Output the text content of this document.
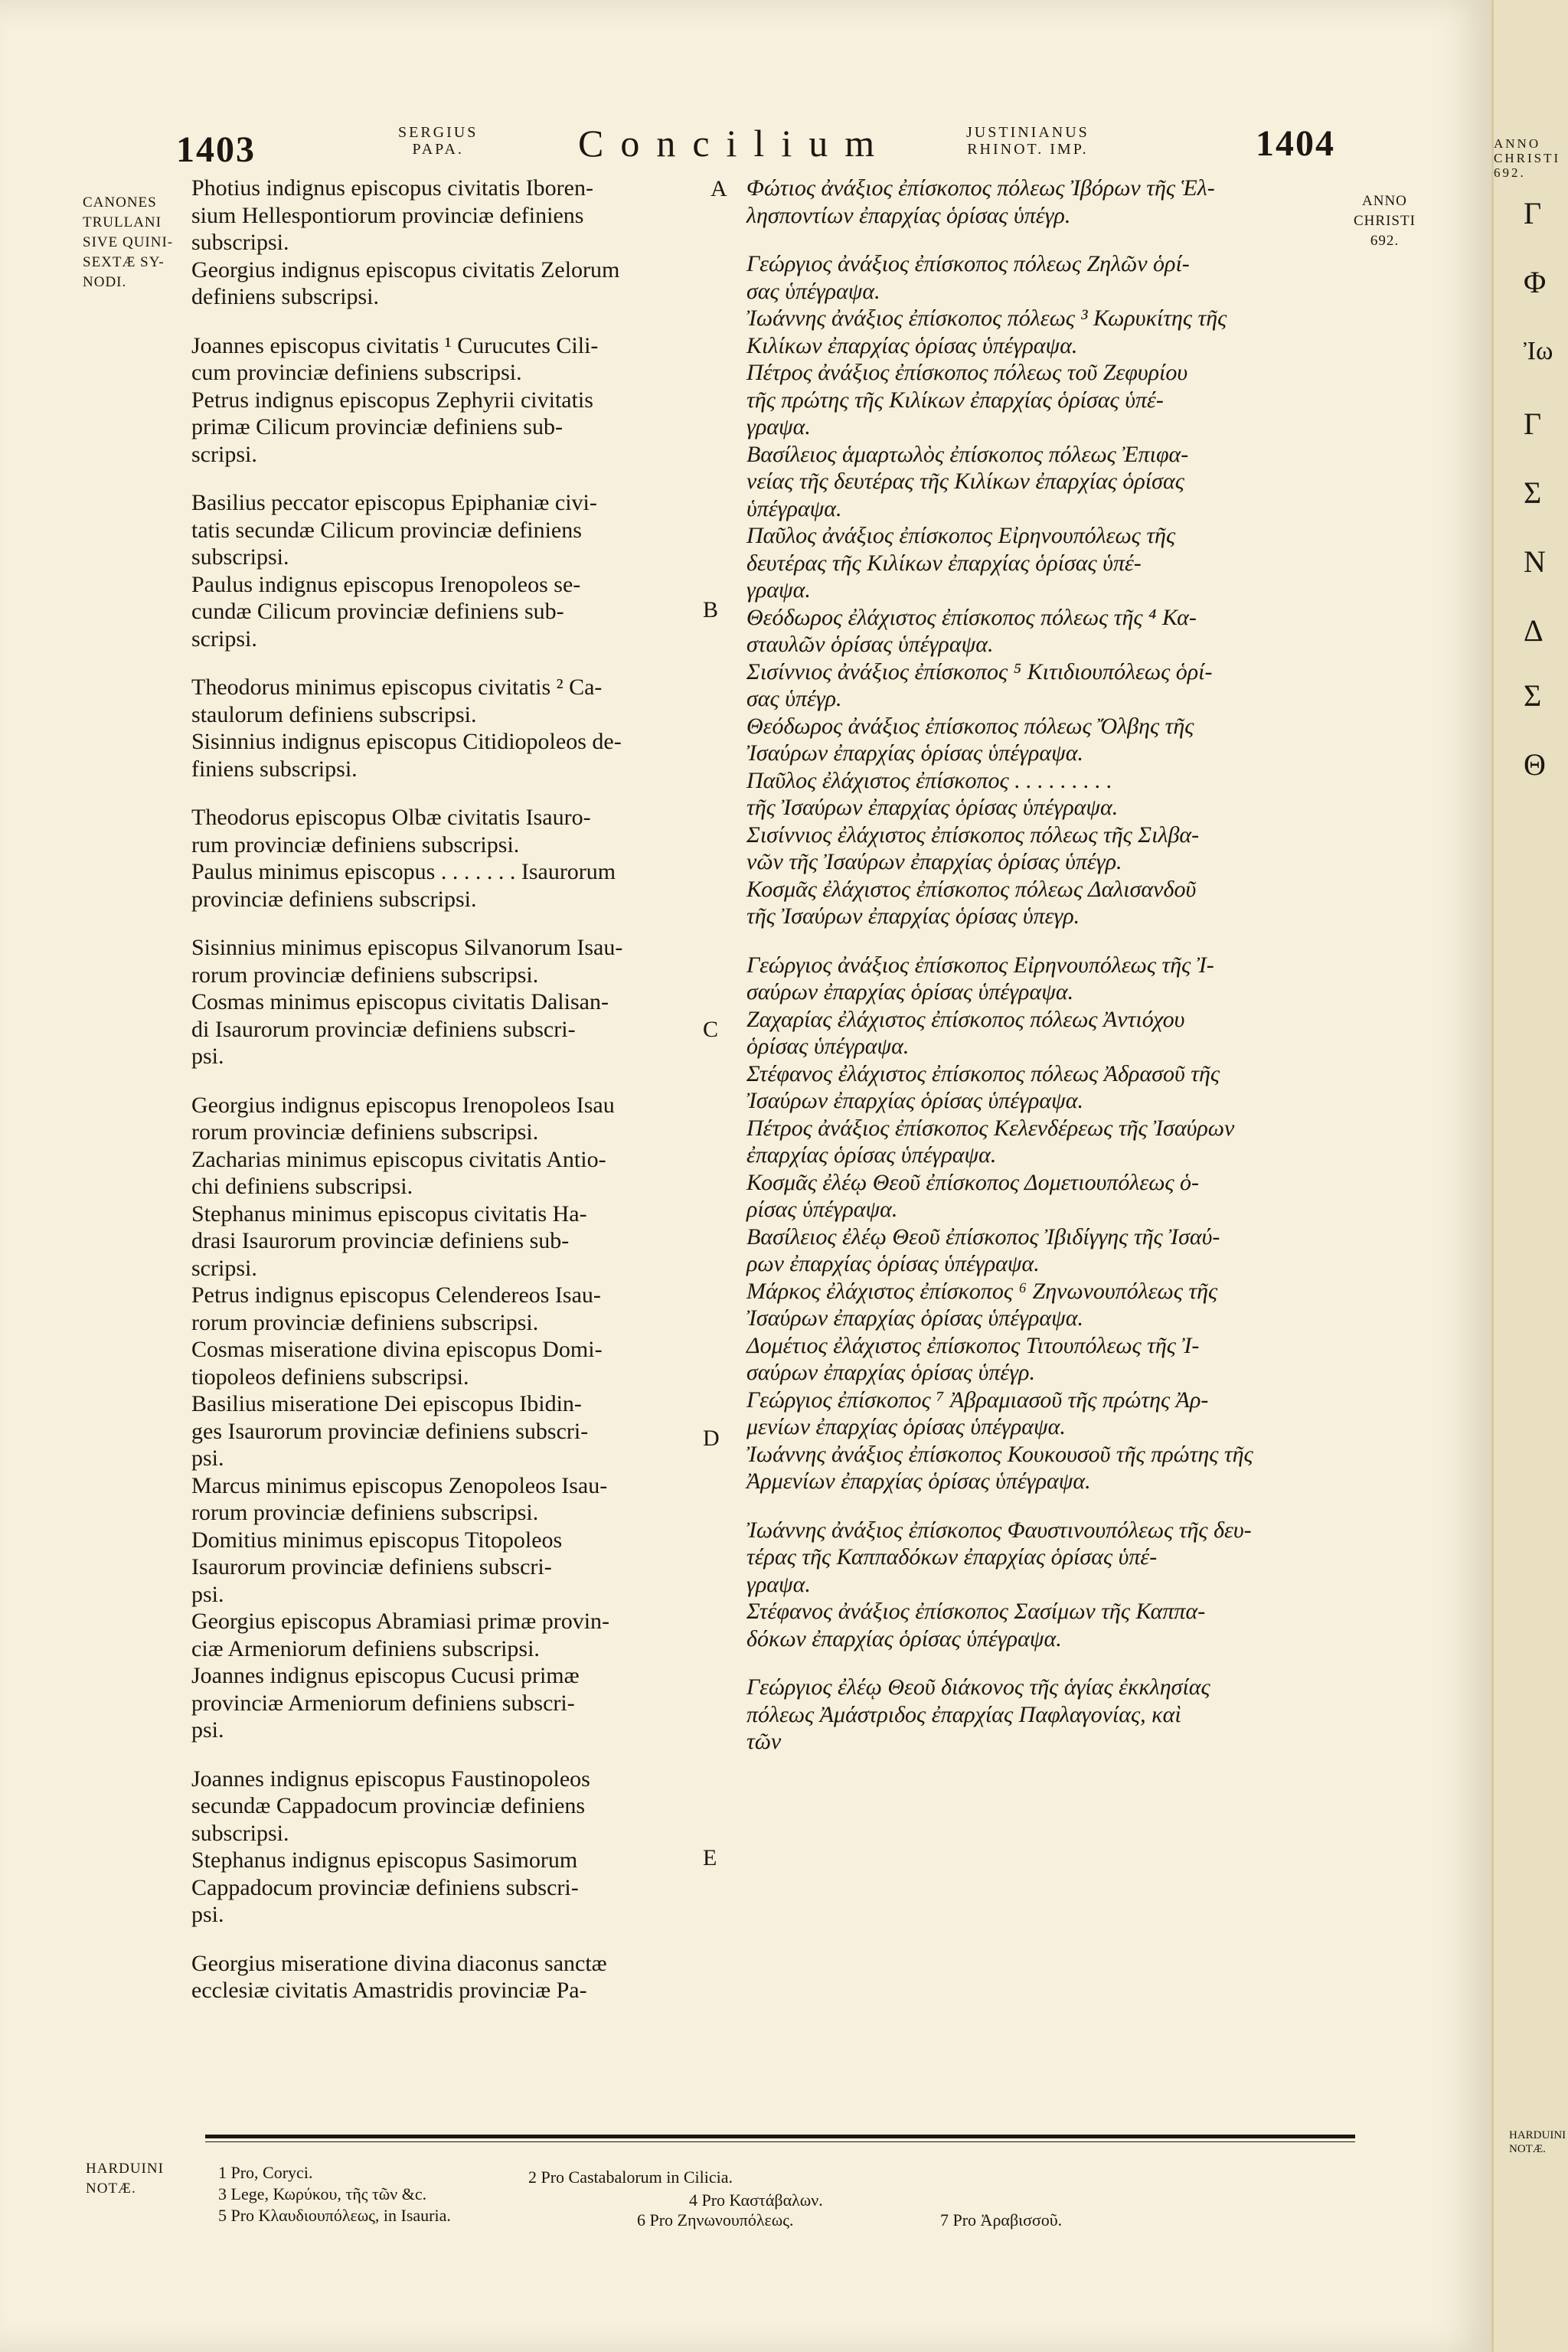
1403	SERGIUS
PAPA.	Concilium	JUSTINIANUS
RHINOT. IMP.	1404
CANONES
TRULLANI
SIVE QUINI-
SEXTÆ SY-
NODI.
ANNO
CHRISTI
692.
A
B
C
D
E
Photius indignus episcopus civitatis Iboren-
sium Hellespontiorum provinciæ definiens
subscripsi.
Georgius indignus episcopus civitatis Zelorum
definiens subscripsi.
Joannes episcopus civitatis ¹ Curucutes Cili-
cum provinciæ definiens subscripsi.
Petrus indignus episcopus Zephyrii civitatis
primæ Cilicum provinciæ definiens sub-
scripsi.
Basilius peccator episcopus Epiphaniæ civi-
tatis secundæ Cilicum provinciæ definiens
subscripsi.
Paulus indignus episcopus Irenopoleos se-
cundæ Cilicum provinciæ definiens sub-
scripsi.
Theodorus minimus episcopus civitatis ² Ca-
staulorum definiens subscripsi.
Sisinnius indignus episcopus Citidiopoleos de-
finiens subscripsi.
Theodorus episcopus Olbæ civitatis Isauro-
rum provinciæ definiens subscripsi.
Paulus minimus episcopus . . . . . . . Isaurorum
provinciæ definiens subscripsi.
Sisinnius minimus episcopus Silvanorum Isau-
rorum provinciæ definiens subscripsi.
Cosmas minimus episcopus civitatis Dalisan-
di Isaurorum provinciæ definiens subscri-
psi.
Georgius indignus episcopus Irenopoleos Isau
rorum provinciæ definiens subscripsi.
Zacharias minimus episcopus civitatis Antio-
chi definiens subscripsi.
Stephanus minimus episcopus civitatis Ha-
drasi Isaurorum provinciæ definiens sub-
scripsi.
Petrus indignus episcopus Celendereos Isau-
rorum provinciæ definiens subscripsi.
Cosmas miseratione divina episcopus Domi-
tiopoleos definiens subscripsi.
Basilius miseratione Dei episcopus Ibidin-
ges Isaurorum provinciæ definiens subscri-
psi.
Marcus minimus episcopus Zenopoleos Isau-
rorum provinciæ definiens subscripsi.
Domitius minimus episcopus Titopoleos
Isaurorum provinciæ definiens subscri-
psi.
Georgius episcopus Abramiasi primæ provin-
ciæ Armeniorum definiens subscripsi.
Joannes indignus episcopus Cucusi primæ
provinciæ Armeniorum definiens subscri-
psi.
Joannes indignus episcopus Faustinopoleos
secundæ Cappadocum provinciæ definiens
subscripsi.
Stephanus indignus episcopus Sasimorum
Cappadocum provinciæ definiens subscri-
psi.
Georgius miseratione divina diaconus sanctæ
ecclesiæ civitatis Amastridis provinciæ Pa-
Φώτιος ἀνάξιος ἐπίσκοπος πόλεως Ἰβόρων τῆς Ἑλ-
λησποντίων ἐπαρχίας ὁρίσας ὑπέγρ.
Γεώργιος ἀνάξιος ἐπίσκοπος πόλεως Ζηλῶν ὁρί-
σας ὑπέγραψα.
Ἰωάννης ἀνάξιος ἐπίσκοπος πόλεως ³ Κωρυκίτης τῆς
Κιλίκων ἐπαρχίας ὁρίσας ὑπέγραψα.
Πέτρος ἀνάξιος ἐπίσκοπος πόλεως τοῦ Ζεφυρίου
τῆς πρώτης τῆς Κιλίκων ἐπαρχίας ὁρίσας ὑπέ-
γραψα.
Βασίλειος ἁμαρτωλὸς ἐπίσκοπος πόλεως Ἐπιφα-
νείας τῆς δευτέρας τῆς Κιλίκων ἐπαρχίας ὁρίσας
ὑπέγραψα.
Παῦλος ἀνάξιος ἐπίσκοπος Εἰρηνουπόλεως τῆς
δευτέρας τῆς Κιλίκων ἐπαρχίας ὁρίσας ὑπέ-
γραψα.
Θεόδωρος ἐλάχιστος ἐπίσκοπος πόλεως τῆς ⁴ Κα-
σταυλῶν ὁρίσας ὑπέγραψα.
Σισίννιος ἀνάξιος ἐπίσκοπος ⁵ Κιτιδιουπόλεως ὁρί-
σας ὑπέγρ.
Θεόδωρος ἀνάξιος ἐπίσκοπος πόλεως Ὄλβης τῆς
Ἰσαύρων ἐπαρχίας ὁρίσας ὑπέγραψα.
Παῦλος ἐλάχιστος ἐπίσκοπος . . . . . . . . .
τῆς Ἰσαύρων ἐπαρχίας ὁρίσας ὑπέγραψα.
Σισίννιος ἐλάχιστος ἐπίσκοπος πόλεως τῆς Σιλβα-
νῶν τῆς Ἰσαύρων ἐπαρχίας ὁρίσας ὑπέγρ.
Κοσμᾶς ἐλάχιστος ἐπίσκοπος πόλεως Δαλισανδοῦ
τῆς Ἰσαύρων ἐπαρχίας ὁρίσας ὑπεγρ.
Γεώργιος ἀνάξιος ἐπίσκοπος Εἰρηνουπόλεως τῆς Ἰ-
σαύρων ἐπαρχίας ὁρίσας ὑπέγραψα.
Ζαχαρίας ἐλάχιστος ἐπίσκοπος πόλεως Ἀντιόχου
ὁρίσας ὑπέγραψα.
Στέφανος ἐλάχιστος ἐπίσκοπος πόλεως Ἀδρασοῦ τῆς
Ἰσαύρων ἐπαρχίας ὁρίσας ὑπέγραψα.
Πέτρος ἀνάξιος ἐπίσκοπος Κελενδέρεως τῆς Ἰσαύρων
ἐπαρχίας ὁρίσας ὑπέγραψα.
Κοσμᾶς ἐλέῳ Θεοῦ ἐπίσκοπος Δομετιουπόλεως ὁ-
ρίσας ὑπέγραψα.
Βασίλειος ἐλέῳ Θεοῦ ἐπίσκοπος Ἰβιδίγγης τῆς Ἰσαύ-
ρων ἐπαρχίας ὁρίσας ὑπέγραψα.
Μάρκος ἐλάχιστος ἐπίσκοπος ⁶ Ζηνωνουπόλεως τῆς
Ἰσαύρων ἐπαρχίας ὁρίσας ὑπέγραψα.
Δομέτιος ἐλάχιστος ἐπίσκοπος Τιτουπόλεως τῆς Ἰ-
σαύρων ἐπαρχίας ὁρίσας ὑπέγρ.
Γεώργιος ἐπίσκοπος ⁷ Ἀβραμιασοῦ τῆς πρώτης Ἀρ-
μενίων ἐπαρχίας ὁρίσας ὑπέγραψα.
Ἰωάννης ἀνάξιος ἐπίσκοπος Κουκουσοῦ τῆς πρώτης τῆς
Ἀρμενίων ἐπαρχίας ὁρίσας ὑπέγραψα.
Ἰωάννης ἀνάξιος ἐπίσκοπος Φαυστινουπόλεως τῆς δευ-
τέρας τῆς Καππαδόκων ἐπαρχίας ὁρίσας ὑπέ-
γραψα.
Στέφανος ἀνάξιος ἐπίσκοπος Σασίμων τῆς Καππα-
δόκων ἐπαρχίας ὁρίσας ὑπέγραψα.
Γεώργιος ἐλέῳ Θεοῦ διάκονος τῆς ἁγίας ἐκκλησίας
πόλεως Ἀμάστριδος ἐπαρχίας Παφλαγονίας, καὶ
τῶν
HARDUINI
NOTÆ.
1 Pro, Coryci.	2 Pro Castabalorum in Cilicia.
3 Lege, Κωρύκου, τῆς τῶν &c.	4 Pro Καστάβαλων.
5 Pro Κλαυδιουπόλεως, in Isauria.	6 Pro Ζηνωνουπόλεως.	7 Pro Ἀραβισσοῦ.
ANNO
CHRISTI
692.
HARDUINI
NOTÆ.
Γ
Φ
Ἰω
Γ
Σ
Ν
Δ
Σ
Θ
